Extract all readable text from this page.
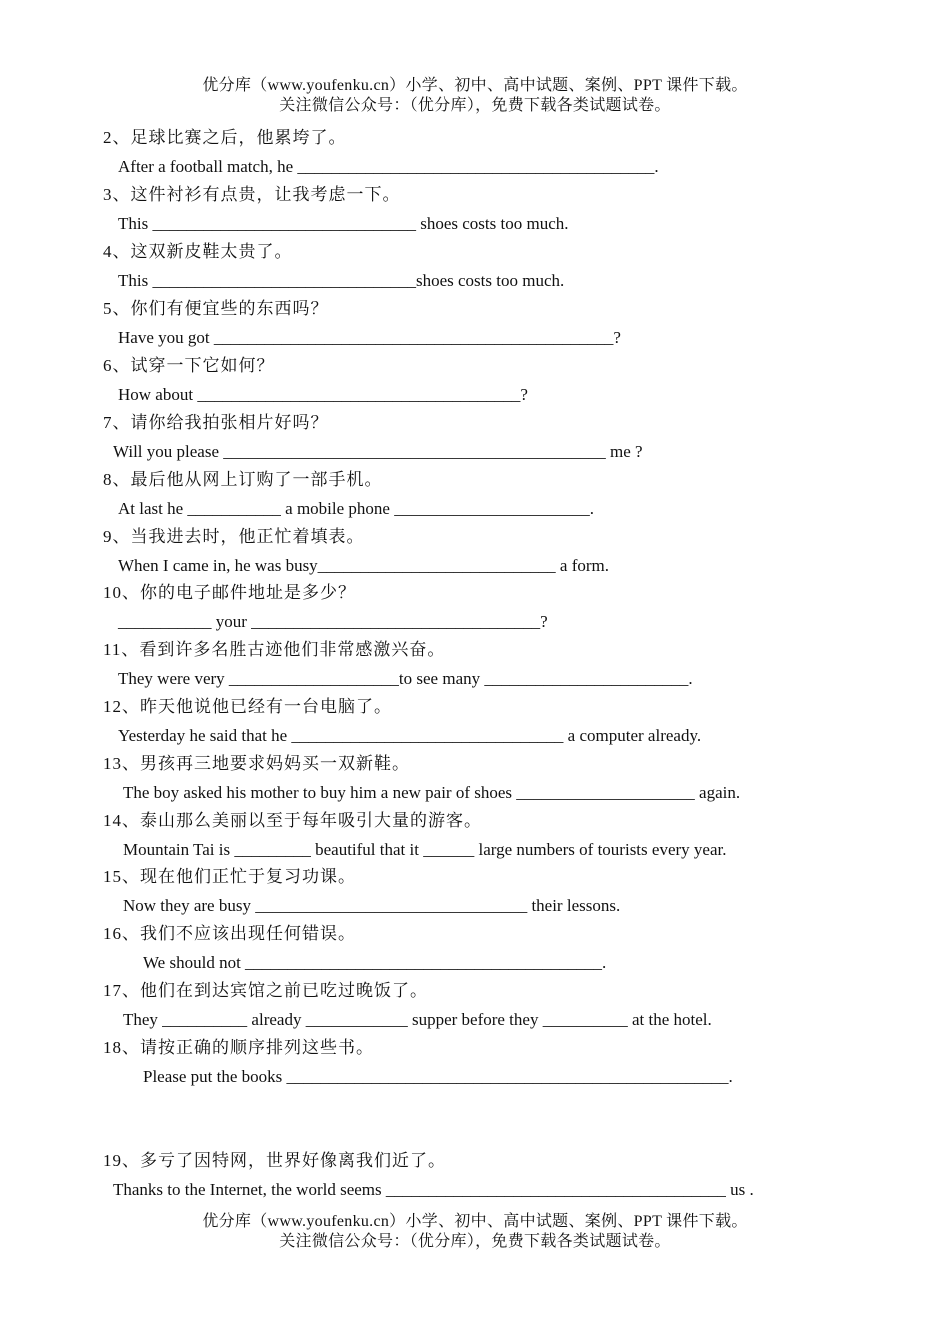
优分库（www.youfenku.cn）小学、初中、高中试题、案例、PPT 课件下载。
关注微信公众号：（优分库），免费下载各类试题试卷。
2、足球比赛之后，他累垮了。
After a football match, he __________________________________________.
3、这件衬衫有点贵，让我考虑一下。
This _______________________________ shoes costs too much.
4、这双新皮鞋太贵了。
This _______________________________shoes costs too much.
5、你们有便宜些的东西吗？
Have you got _______________________________________________?
6、试穿一下它如何？
How about ______________________________________?
7、请你给我拍张相片好吗？
Will you please _____________________________________________ me ?
8、最后他从网上订购了一部手机。
At last he ___________ a mobile phone _______________________.
9、当我进去时，他正忙着填表。
When I came in, he was busy____________________________ a form.
10、你的电子邮件地址是多少？
___________ your __________________________________?
11、看到许多名胜古迹他们非常感激兴奋。
They were very ____________________to see many ________________________.
12、昨天他说他已经有一台电脑了。
Yesterday he said that he ________________________________ a computer already.
13、男孩再三地要求妈妈买一双新鞋。
The boy asked his mother to buy him a new pair of shoes _____________________ again.
14、泰山那么美丽以至于每年吸引大量的游客。
Mountain Tai is _________ beautiful that it ______ large numbers of tourists every year.
15、现在他们正忙于复习功课。
Now they are busy ________________________________ their lessons.
16、我们不应该出现任何错误。
We should not __________________________________________.
17、他们在到达宾馆之前已吃过晚饭了。
They __________ already ____________ supper before they __________ at the hotel.
18、请按正确的顺序排列这些书。
Please put the books ____________________________________________________.
19、多亏了因特网，世界好像离我们近了。
Thanks to the Internet, the world seems ________________________________________ us .
优分库（www.youfenku.cn）小学、初中、高中试题、案例、PPT 课件下载。
关注微信公众号：（优分库），免费下载各类试题试卷。
